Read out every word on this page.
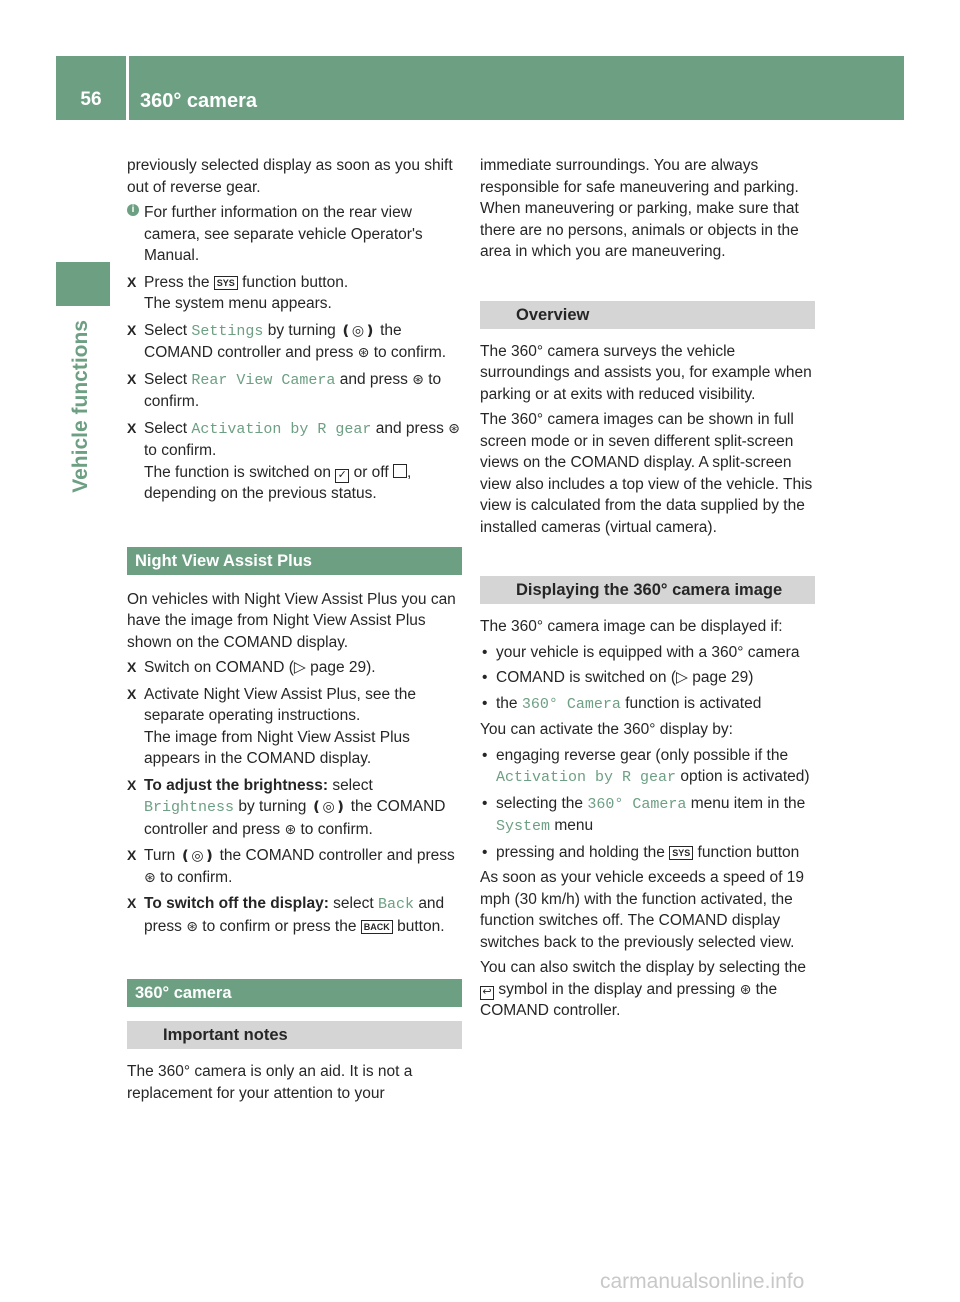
56	360° camera
Vehicle functions

previously selected display as soon as you shift out of reverse gear.

i For further information on the rear view camera, see separate vehicle Operator's Manual.
X Press the SYS function button.
The system menu appears.
X Select Settings by turning ❪◎❫ the COMAND controller and press ⊛ to confirm.
X Select Rear View Camera and press ⊛ to confirm.
X Select Activation by R gear and press ⊛ to confirm.
The function is switched on ✓ or off ,
depending on the previous status.
Night View Assist Plus

On vehicles with Night View Assist Plus you can have the image from Night View Assist Plus shown on the COMAND display.

X Switch on COMAND (▷ page 29).
X Activate Night View Assist Plus, see the separate operating instructions.
The image from Night View Assist Plus appears in the COMAND display.
X To adjust the brightness: select Brightness by turning ❪◎❫ the COMAND controller and press ⊛ to confirm.
X Turn ❪◎❫ the COMAND controller and press ⊛ to confirm.
X To switch off the display: select Back and press ⊛ to confirm or press the BACK button.
360° camera
Important notes

The 360° camera is only an aid. It is not a replacement for your attention to your

immediate surroundings. You are always responsible for safe maneuvering and parking. When maneuvering or parking, make sure that there are no persons, animals or objects in the area in which you are maneuvering.

Overview

The 360° camera surveys the vehicle surroundings and assists you, for example when parking or at exits with reduced visibility.

The 360° camera images can be shown in full screen mode or in seven different split-screen views on the COMAND display. A split-screen view also includes a top view of the vehicle. This view is calculated from the data supplied by the installed cameras (virtual camera).

Displaying the 360° camera image

The 360° camera image can be displayed if:

• your vehicle is equipped with a 360° camera
• COMAND is switched on (▷ page 29)
• the 360° Camera function is activated

You can activate the 360° display by:

• engaging reverse gear (only possible if the Activation by R gear option is activated)
• selecting the 360° Camera menu item in the System menu
• pressing and holding the SYS function button

As soon as your vehicle exceeds a speed of 19 mph (30 km/h) with the function activated, the function switches off. The COMAND display switches back to the previously selected view.

You can also switch the display by selecting the ↩ symbol in the display and pressing ⊛ the COMAND controller.

carmanualsonline.info
